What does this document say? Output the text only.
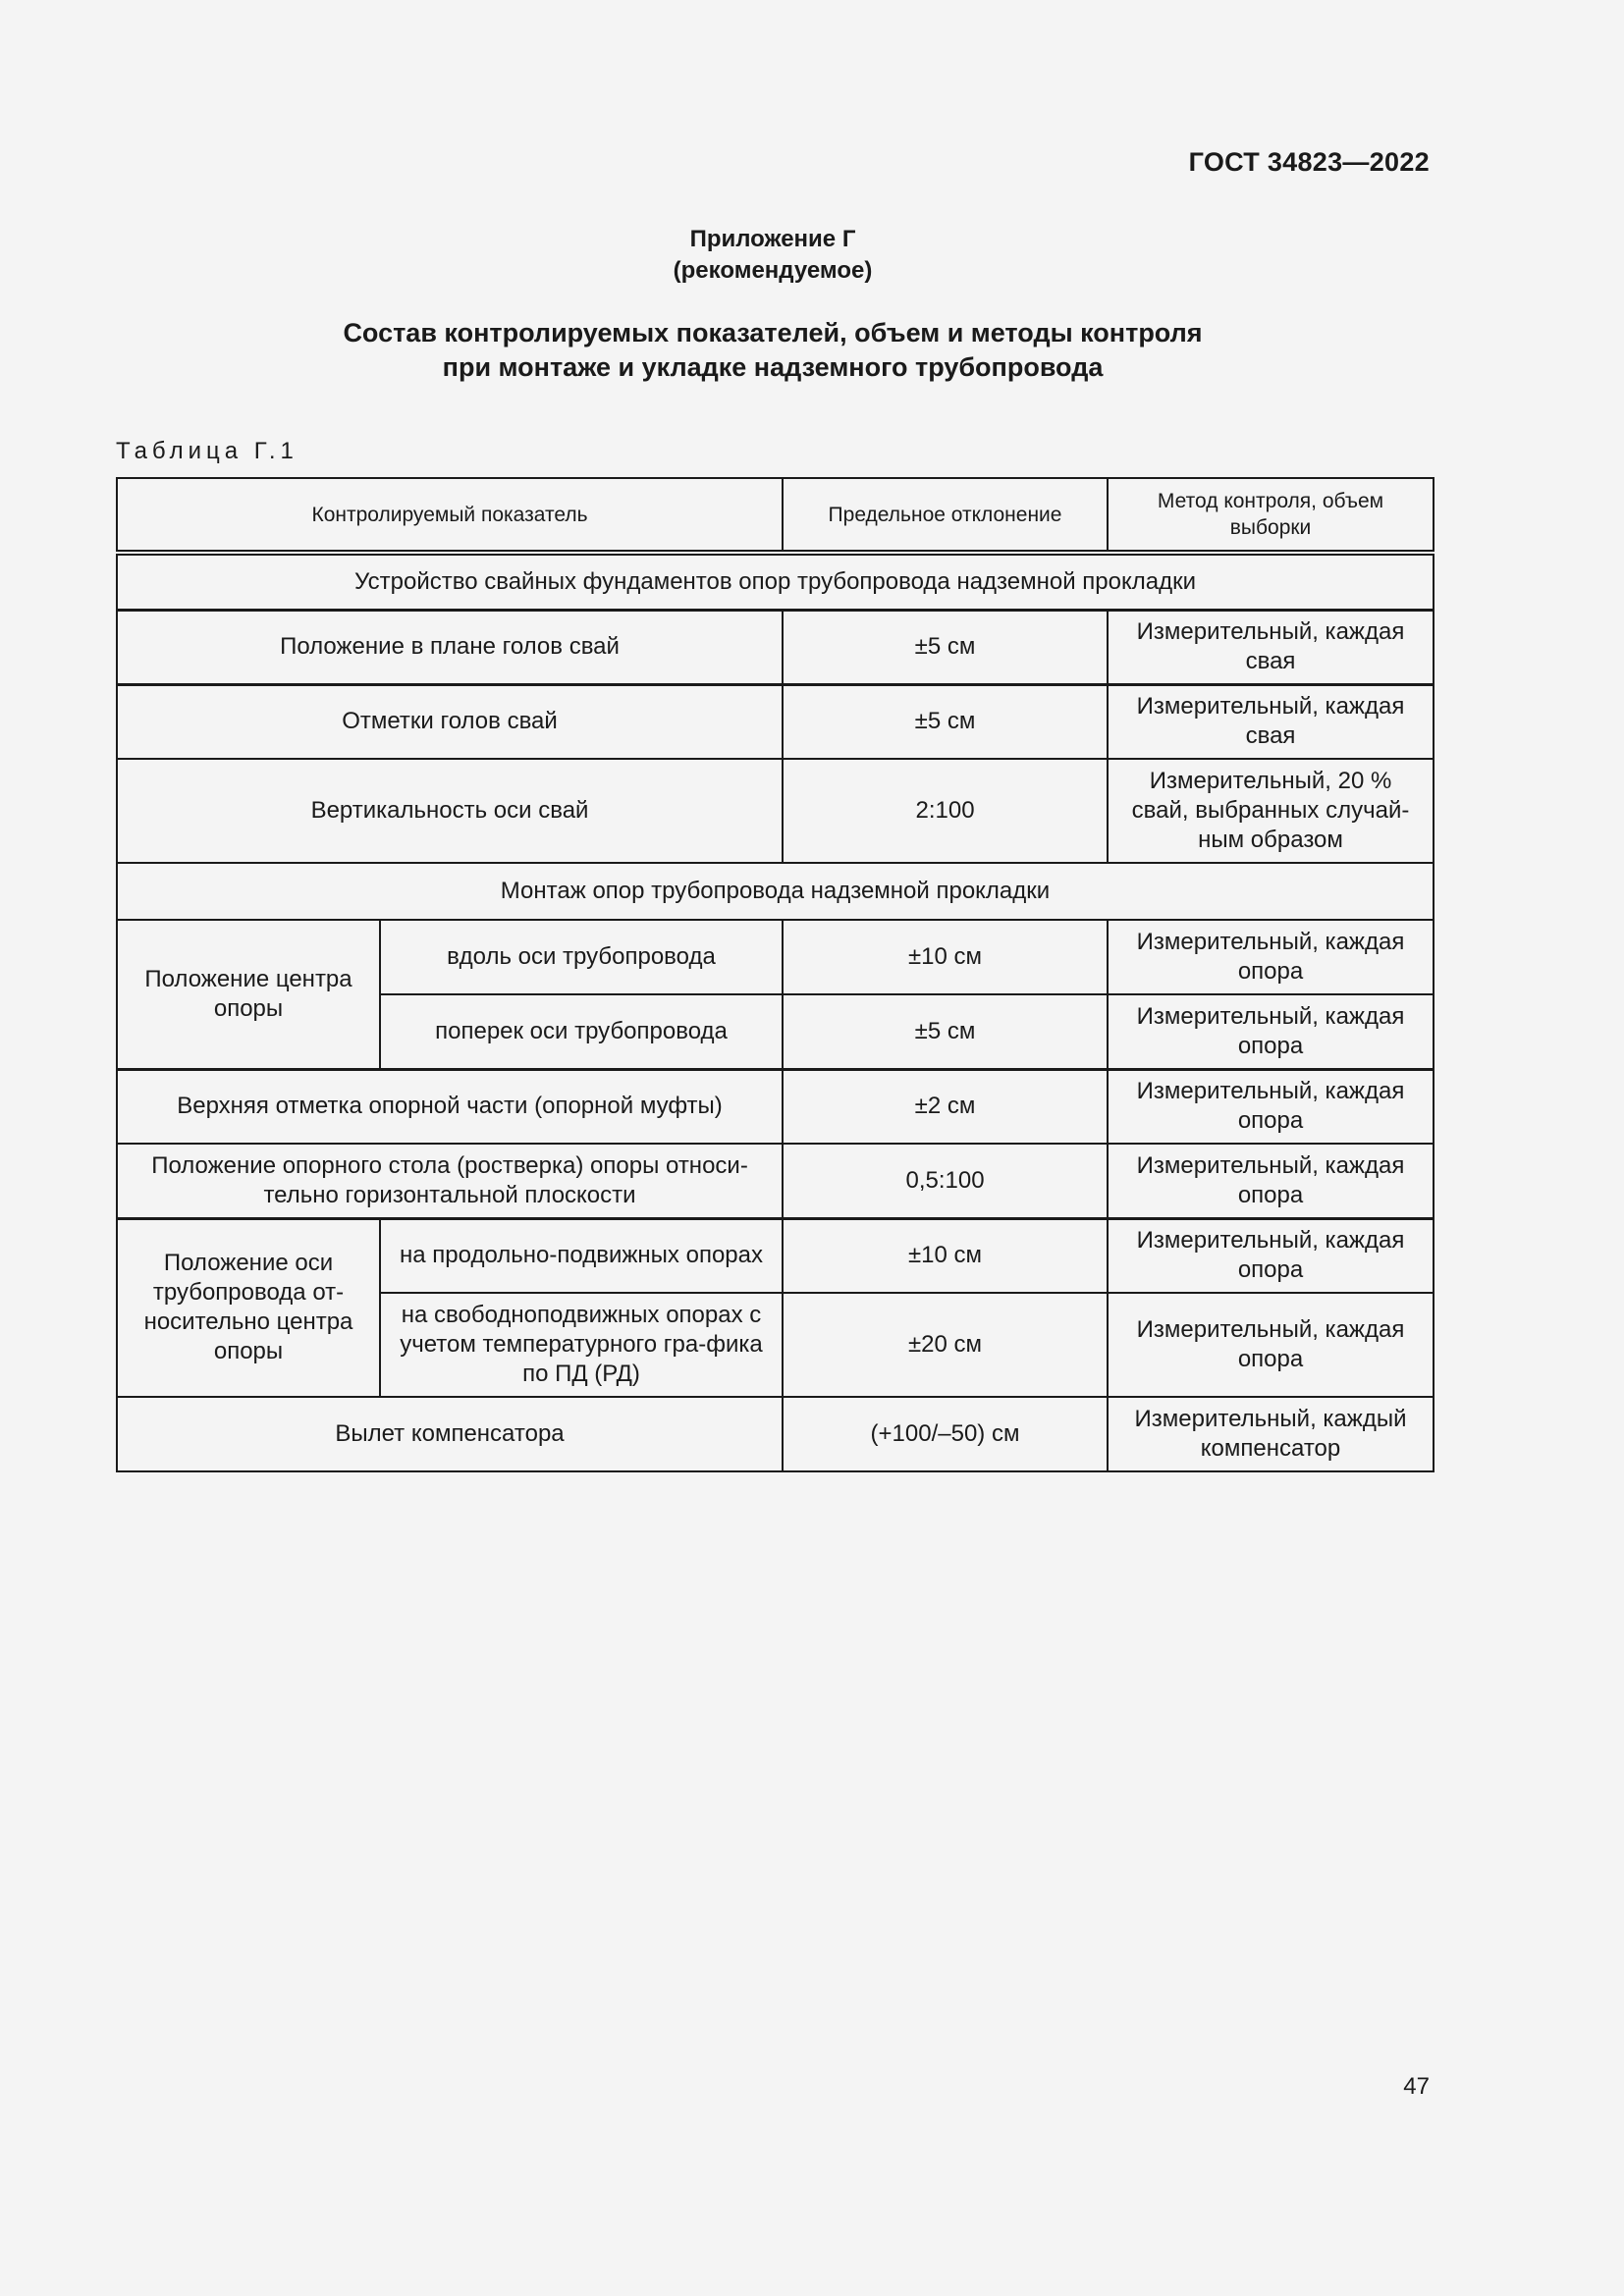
ГОСТ 34823—2022
Приложение Г
(рекомендуемое)
Состав контролируемых показателей, объем и методы контроля
при монтаже и укладке надземного трубопровода
Таблица Г.1
Контролируемый показатель		Предельное отклонение	Метод контроля, объем выборки
Устройство свайных фундаментов опор трубопровода надземной прокладки			
Положение в плане голов свай		±5 см	Измерительный, каждая свая
Отметки голов свай		±5 см	Измерительный, каждая свая
Вертикальность оси свай		2:100	Измерительный, 20 % свай, выбранных случай-ным образом
Монтаж опор трубопровода надземной прокладки			
Положение центра опоры	вдоль оси трубопровода	±10 см	Измерительный, каждая опора
	поперек оси трубопровода	±5 см	Измерительный, каждая опора
Верхняя отметка опорной части (опорной муфты)		±2 см	Измерительный, каждая опора
Положение опорного стола (ростверка) опоры относи-тельно горизонтальной плоскости		0,5:100	Измерительный, каждая опора
Положение оси трубопровода от-носительно центра опоры	на продольно-подвижных опорах	±10 см	Измерительный, каждая опора
	на свободноподвижных опорах с учетом температурного гра-фика по ПД (РД)	±20 см	Измерительный, каждая опора
Вылет компенсатора		(+100/–50) см	Измерительный, каждый компенсатор
47
